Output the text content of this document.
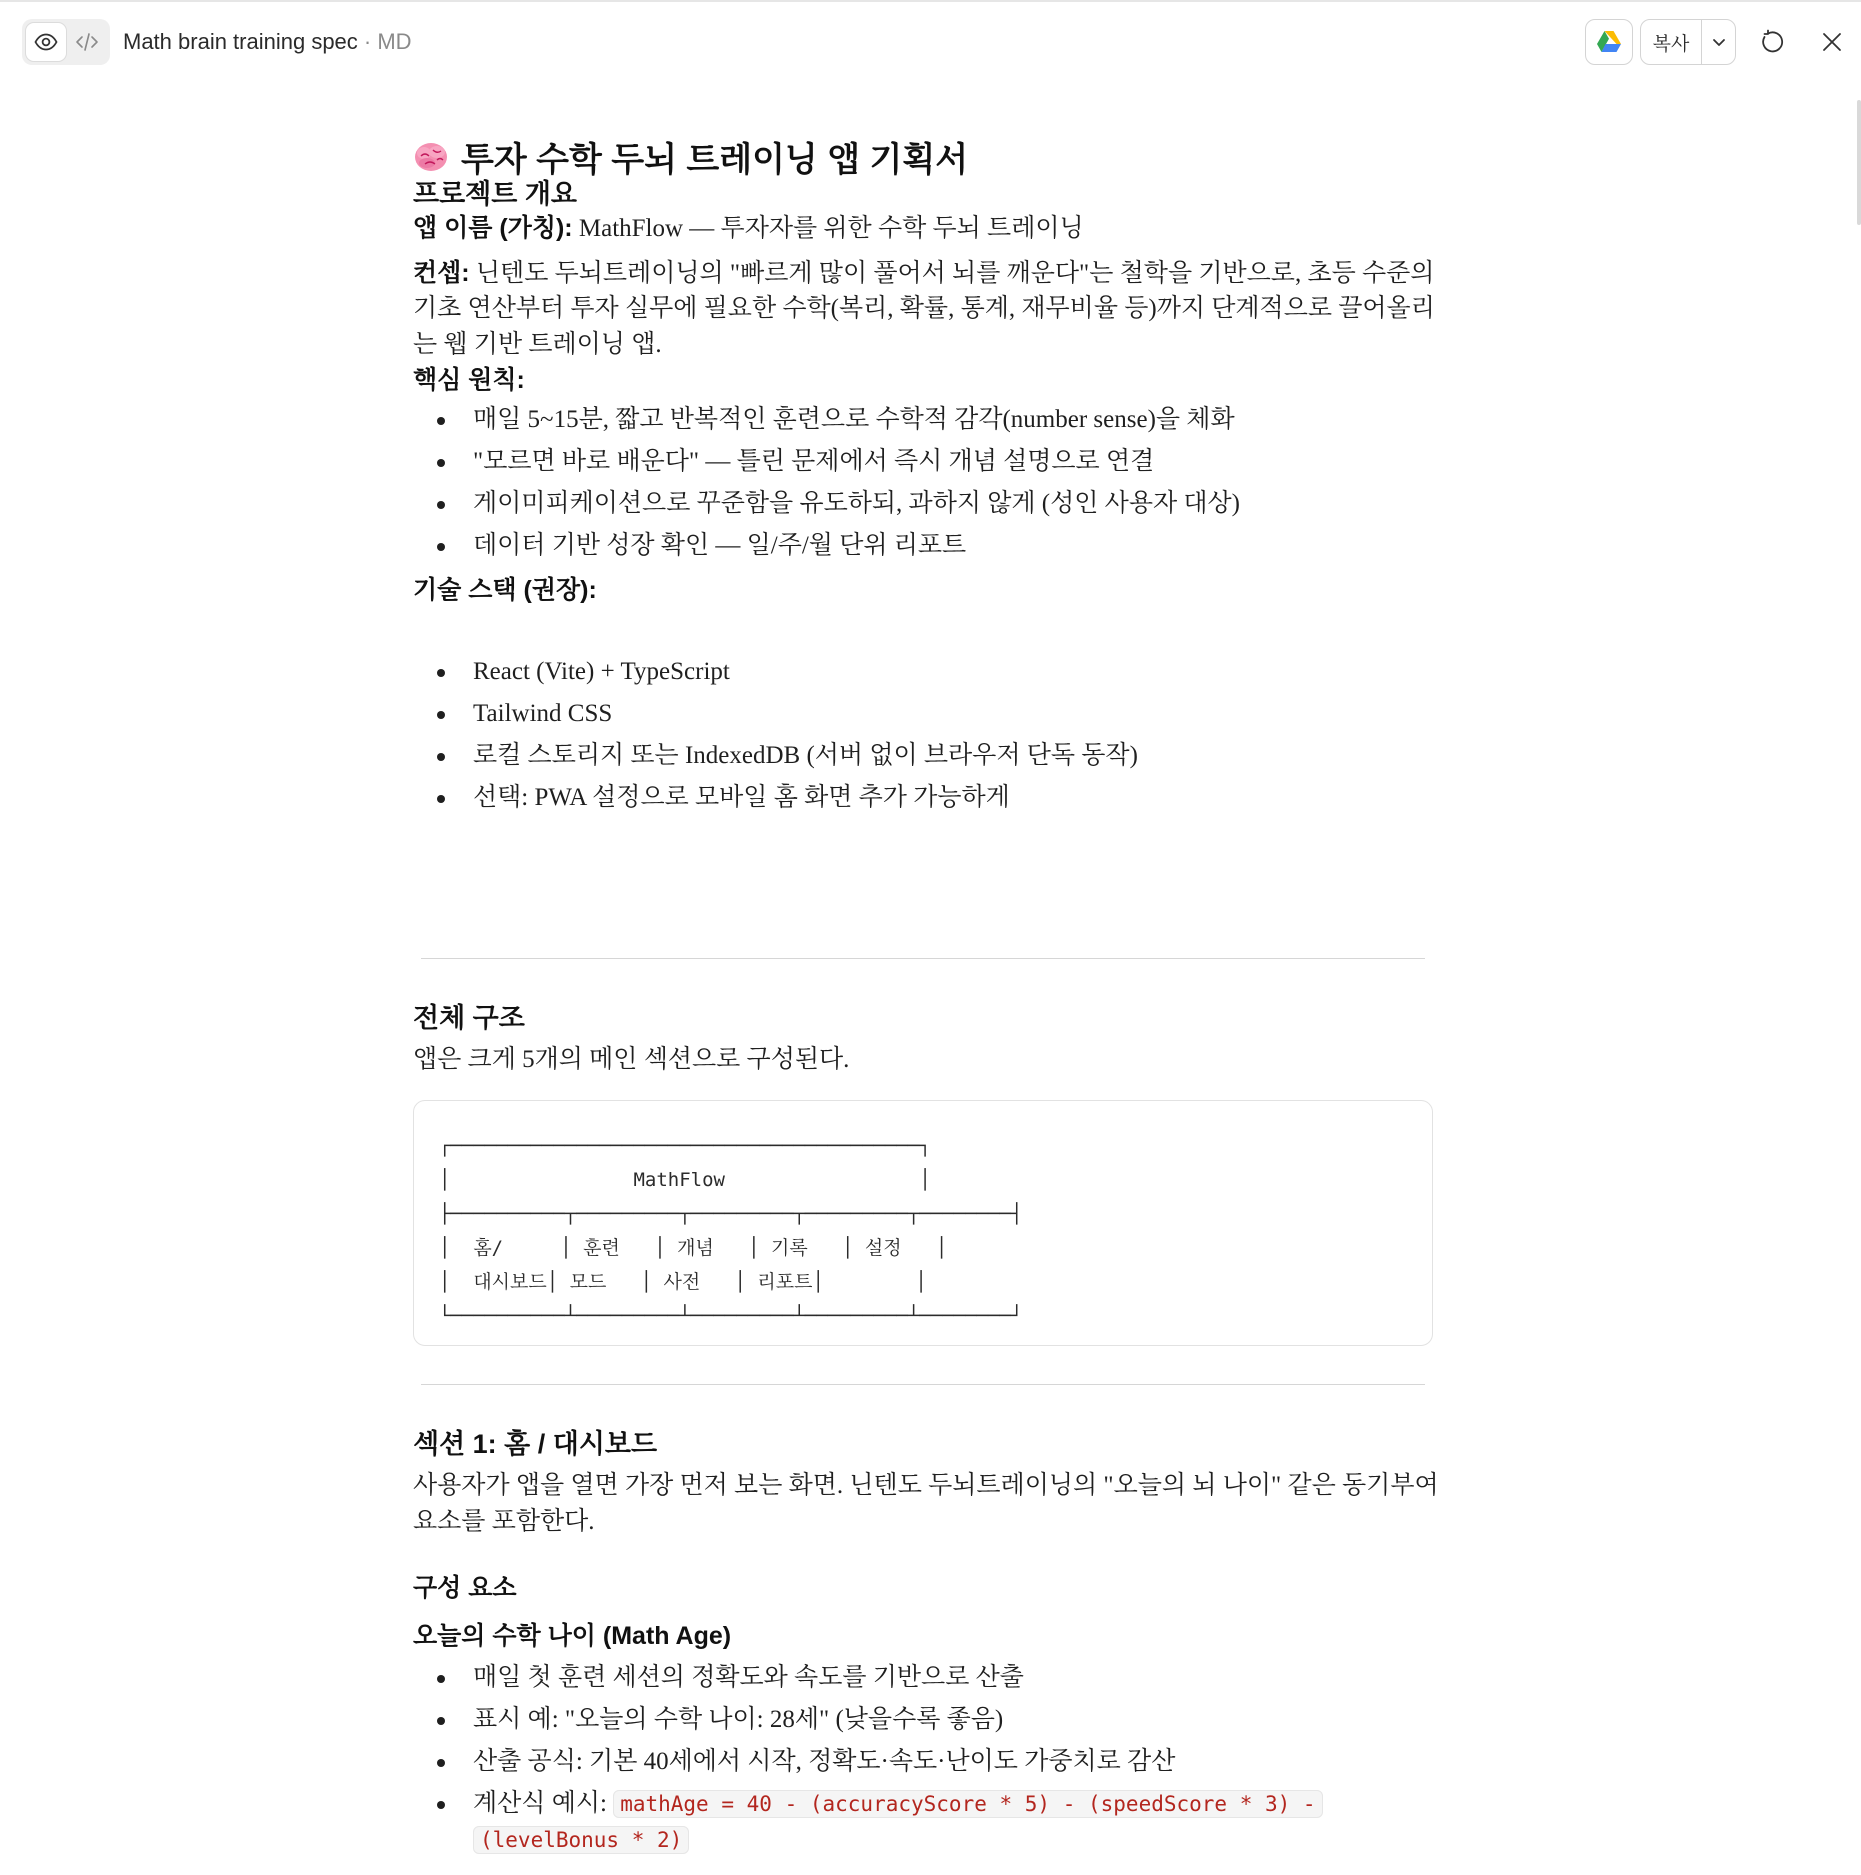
Math brain training spec · MD	복사
투자 수학 두뇌 트레이닝 앱 기획서
프로젝트 개요

앱 이름 (가칭): MathFlow — 투자자를 위한 수학 두뇌 트레이닝

컨셉: 닌텐도 두뇌트레이닝의 "빠르게 많이 풀어서 뇌를 깨운다"는 철학을 기반으로, 초등 수준의
기초 연산부터 투자 실무에 필요한 수학(복리, 확률, 통계, 재무비율 등)까지 단계적으로 끌어올리
는 웹 기반 트레이닝 앱.
핵심 원칙:
매일 5~15분, 짧고 반복적인 훈련으로 수학적 감각(number sense)을 체화
"모르면 바로 배운다" — 틀린 문제에서 즉시 개념 설명으로 연결
게이미피케이션으로 꾸준함을 유도하되, 과하지 않게 (성인 사용자 대상)
데이터 기반 성장 확인 — 일/주/월 단위 리포트
기술 스택 (권장):
React (Vite) + TypeScript
Tailwind CSS
로컬 스토리지 또는 IndexedDB (서버 없이 브라우저 단독 동작)
선택: PWA 설정으로 모바일 홈 화면 추가 가능하게
전체 구조

앱은 크게 5개의 메인 섹션으로 구성된다.

┌─────────────────────────────────────────┐
│                MathFlow                 │
├──────────┬─────────┬─────────┬─────────┬────────┤
│  홈/     │ 훈련   │ 개념   │ 기록   │ 설정   │
│  대시보드│ 모드   │ 사전   │ 리포트│        │
└──────────┴─────────┴─────────┴─────────┴────────┘
섹션 1: 홈 / 대시보드
사용자가 앱을 열면 가장 먼저 보는 화면. 닌텐도 두뇌트레이닝의 "오늘의 뇌 나이" 같은 동기부여
요소를 포함한다.
구성 요소
오늘의 수학 나이 (Math Age)
매일 첫 훈련 세션의 정확도와 속도를 기반으로 산출
표시 예: "오늘의 수학 나이: 28세" (낮을수록 좋음)
산출 공식: 기본 40세에서 시작, 정확도·속도·난이도 가중치로 감산
계산식 예시: mathAge = 40 - (accuracyScore * 5) - (speedScore * 3) - (levelBonus * 2)
